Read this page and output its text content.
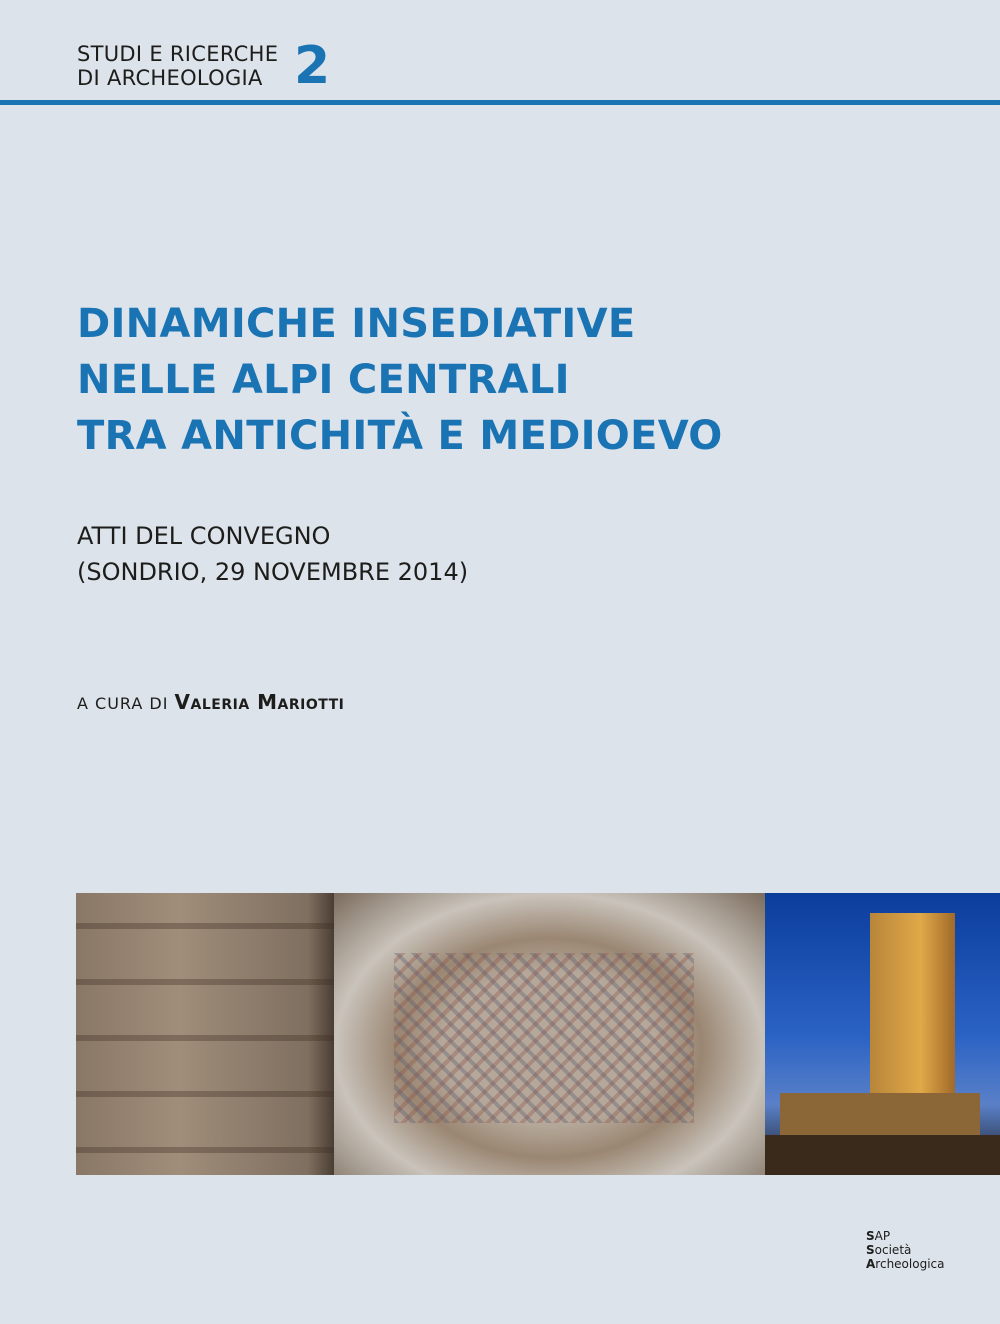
STUDI E RICERCHE
DI ARCHEOLOGIA 2
DINAMICHE INSEDIATIVE
NELLE ALPI CENTRALI
TRA ANTICHITÀ E MEDIOEVO
ATTI DEL CONVEGNO
(SONDRIO, 29 NOVEMBRE 2014)
A CURA DI Valeria Mariotti
SAP
Società
Archeologica
